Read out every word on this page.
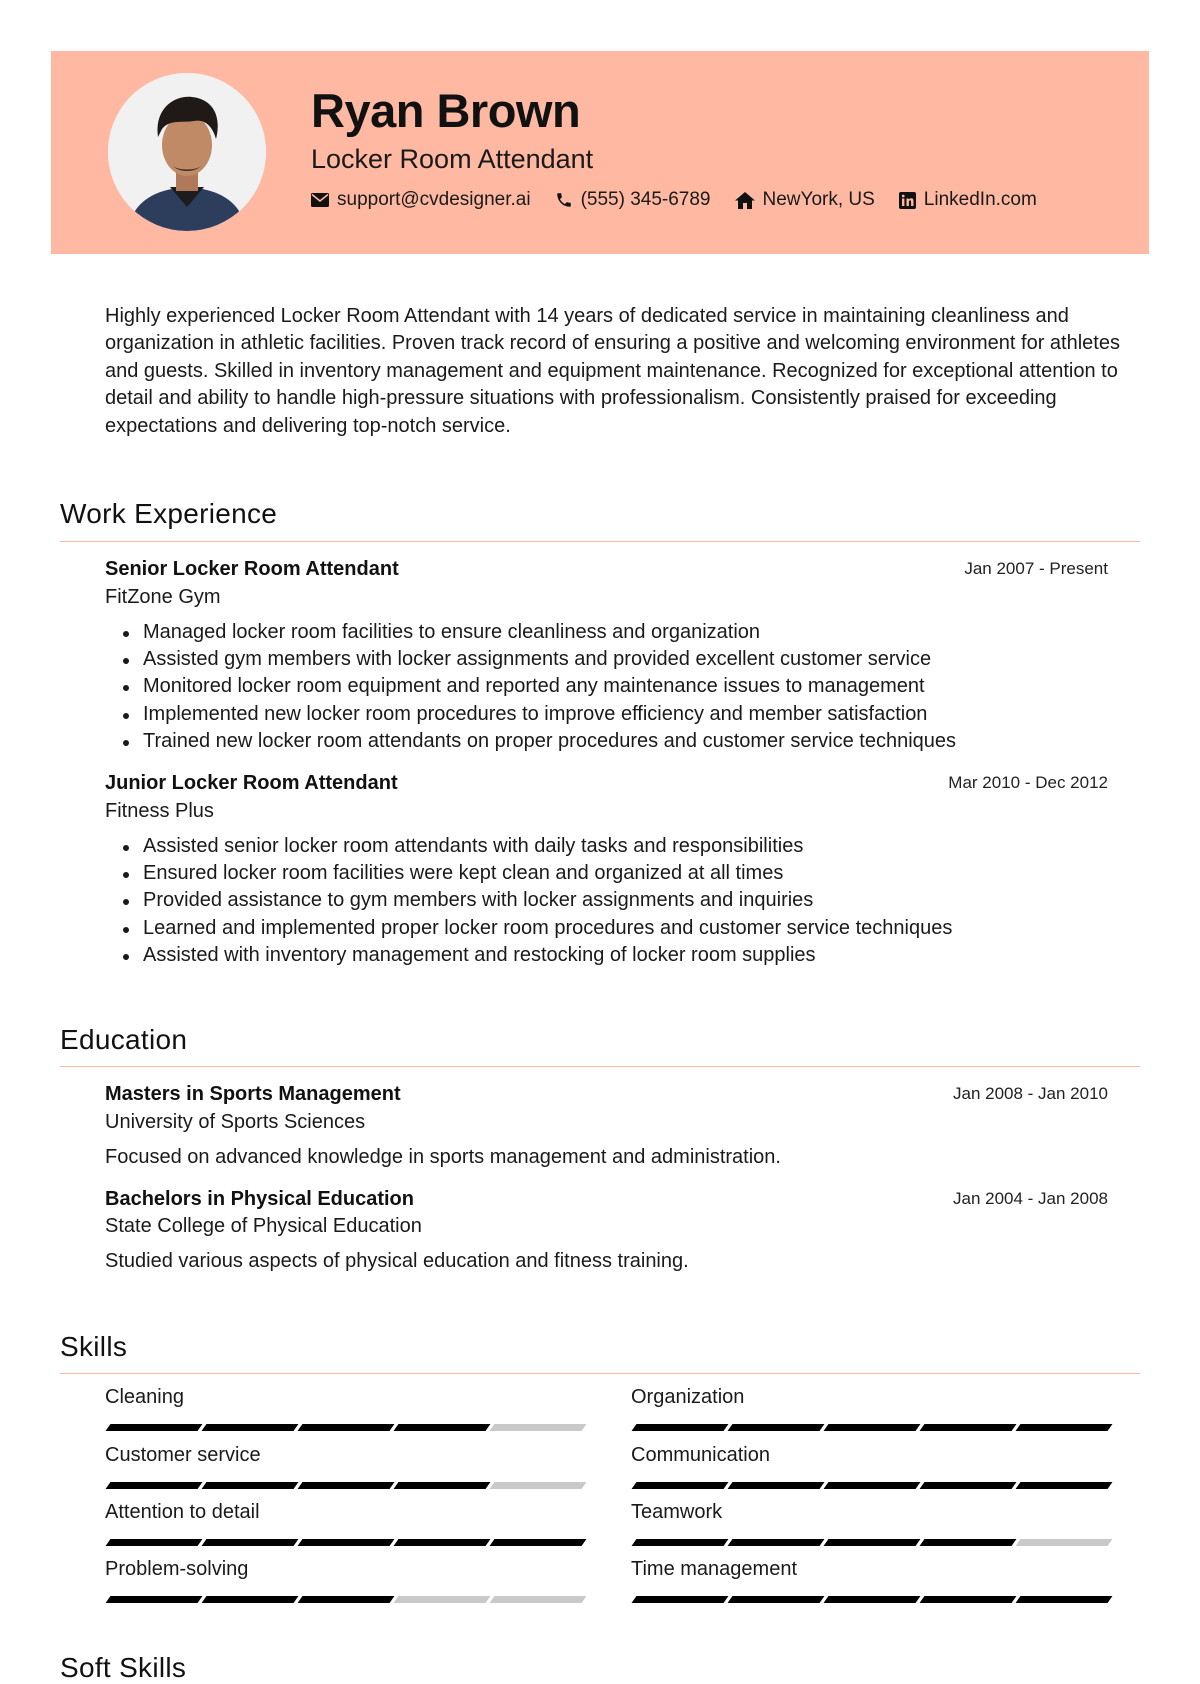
Ryan Brown
Locker Room Attendant
support@cvdesigner.ai	(555) 345-6789	NewYork, US	LinkedIn.com

Highly experienced Locker Room Attendant with 14 years of dedicated service in maintaining cleanliness and organization in athletic facilities. Proven track record of ensuring a positive and welcoming environment for athletes and guests. Skilled in inventory management and equipment maintenance. Recognized for exceptional attention to detail and ability to handle high-pressure situations with professionalism. Consistently praised for exceeding expectations and delivering top-notch service.

Work Experience
Senior Locker Room Attendant	Jan 2007 - Present
FitZone Gym
Managed locker room facilities to ensure cleanliness and organization
Assisted gym members with locker assignments and provided excellent customer service
Monitored locker room equipment and reported any maintenance issues to management
Implemented new locker room procedures to improve efficiency and member satisfaction
Trained new locker room attendants on proper procedures and customer service techniques
Junior Locker Room Attendant	Mar 2010 - Dec 2012
Fitness Plus
Assisted senior locker room attendants with daily tasks and responsibilities
Ensured locker room facilities were kept clean and organized at all times
Provided assistance to gym members with locker assignments and inquiries
Learned and implemented proper locker room procedures and customer service techniques
Assisted with inventory management and restocking of locker room supplies
Education
Masters in Sports Management	Jan 2008 - Jan 2010
University of Sports Sciences
Focused on advanced knowledge in sports management and administration.
Bachelors in Physical Education	Jan 2004 - Jan 2008
State College of Physical Education
Studied various aspects of physical education and fitness training.
Skills
Cleaning	Organization
Customer service	Communication
Attention to detail	Teamwork
Problem-solving	Time management
Soft Skills
